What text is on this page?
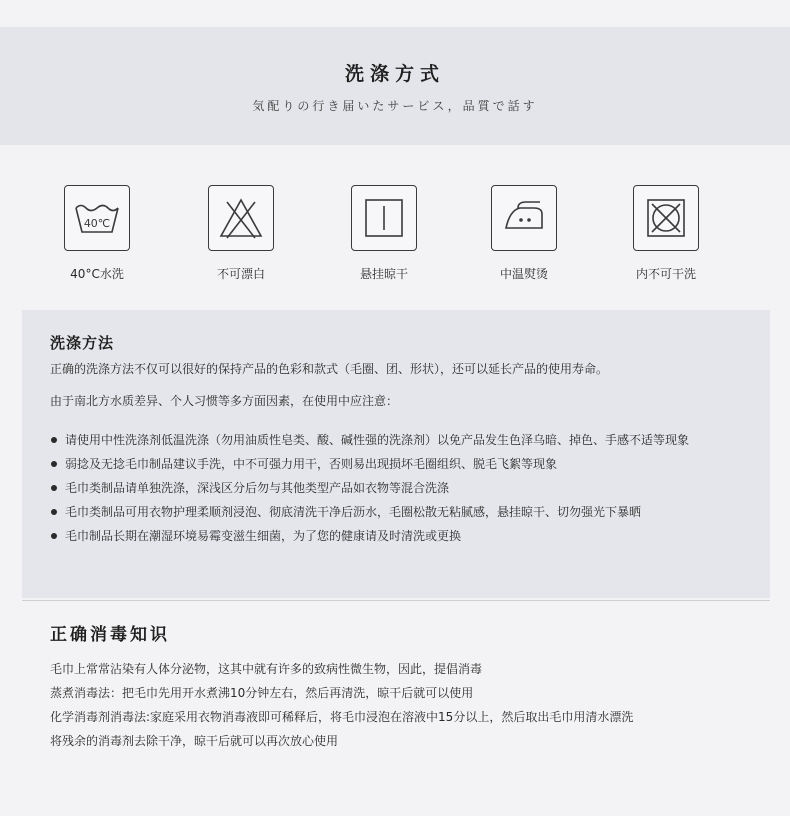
洗涤方式
気配りの行き届いたサービス，品質で話す
40℃
40°C水洗	不可漂白	悬挂晾干	中温熨烫	内不可干洗
洗涤方法
正确的洗涤方法不仅可以很好的保持产品的色彩和款式（毛圈、团、形状），还可以延长产品的使用寿命。
由于南北方水质差异、个人习惯等多方面因素，在使用中应注意：
请使用中性洗涤剂低温洗涤（勿用油质性皂类、酸、碱性强的洗涤剂）以免产品发生色泽乌暗、掉色、手感不适等现象
弱捻及无捻毛巾制品建议手洗，中不可强力用干，否则易出现损坏毛圈组织、脱毛飞絮等现象
毛巾类制品请单独洗涤，深浅区分后勿与其他类型产品如衣物等混合洗涤
毛巾类制品可用衣物护理柔顺剂浸泡、彻底清洗干净后沥水，毛圈松散无粘腻感，悬挂晾干、切勿强光下暴晒
毛巾制品长期在潮湿环境易霉变滋生细菌，为了您的健康请及时清洗或更换
正确消毒知识
毛巾上常常沾染有人体分泌物，这其中就有许多的致病性微生物，因此，提倡消毒
蒸煮消毒法：把毛巾先用开水煮沸10分钟左右，然后再清洗，晾干后就可以使用
化学消毒剂消毒法:家庭采用衣物消毒液即可稀释后，将毛巾浸泡在溶液中15分以上，然后取出毛巾用清水漂洗
将残余的消毒剂去除干净，晾干后就可以再次放心使用
